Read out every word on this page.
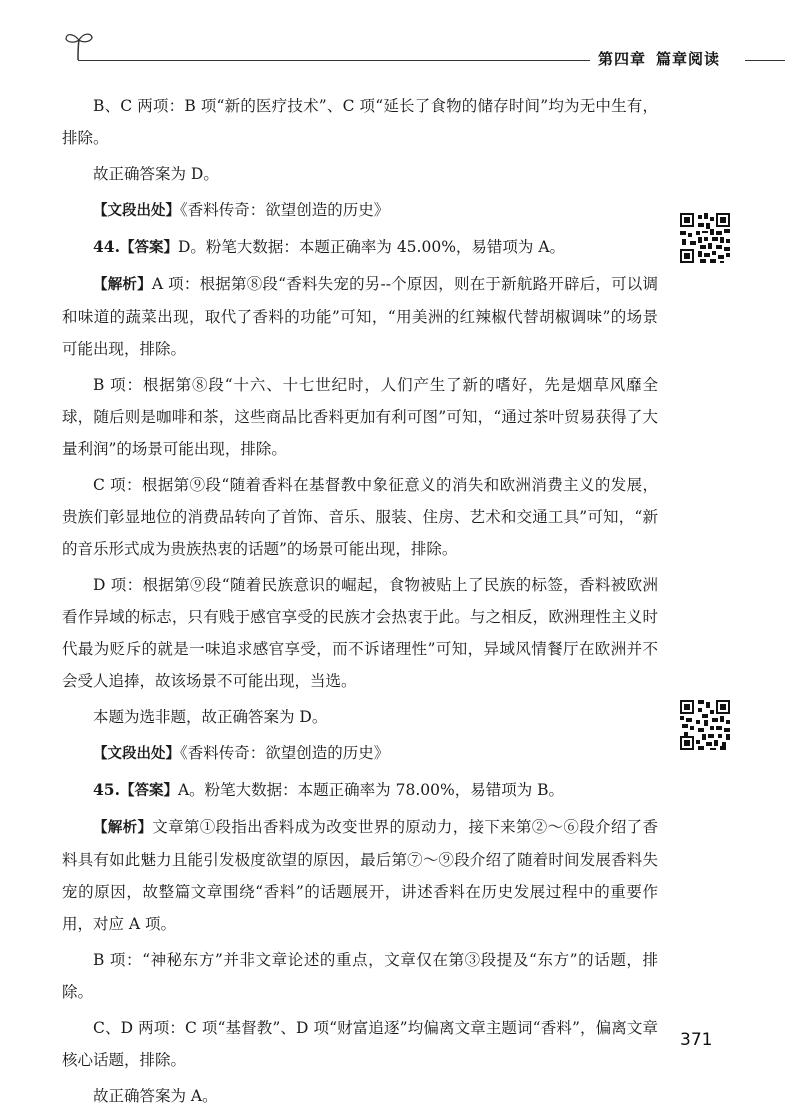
第四章 篇章阅读

B、C 两项：B 项“新的医疗技术”、C 项“延长了食物的储存时间”均为无中生有，排除。

故正确答案为 D。

【文段出处】《香料传奇：欲望创造的历史》

44.【答案】D。粉笔大数据：本题正确率为 45.00%，易错项为 A。

【解析】A 项：根据第⑧段“香料失宠的另--个原因，则在于新航路开辟后，可以调和味道的蔬菜出现，取代了香料的功能”可知，“用美洲的红辣椒代替胡椒调味”的场景可能出现，排除。

B 项：根据第⑧段“十六、十七世纪时，人们产生了新的嗜好，先是烟草风靡全球，随后则是咖啡和茶，这些商品比香料更加有利可图”可知，“通过茶叶贸易获得了大量利润”的场景可能出现，排除。

C 项：根据第⑨段“随着香料在基督教中象征意义的消失和欧洲消费主义的发展，贵族们彰显地位的消费品转向了首饰、音乐、服装、住房、艺术和交通工具”可知，“新的音乐形式成为贵族热衷的话题”的场景可能出现，排除。

D 项：根据第⑨段“随着民族意识的崛起，食物被贴上了民族的标签，香料被欧洲看作异域的标志，只有贱于感官享受的民族才会热衷于此。与之相反，欧洲理性主义时代最为贬斥的就是一味追求感官享受，而不诉诸理性”可知，异域风情餐厅在欧洲并不会受人追捧，故该场景不可能出现，当选。

本题为选非题，故正确答案为 D。

【文段出处】《香料传奇：欲望创造的历史》

45.【答案】A。粉笔大数据：本题正确率为 78.00%，易错项为 B。

【解析】文章第①段指出香料成为改变世界的原动力，接下来第②～⑥段介绍了香料具有如此魅力且能引发极度欲望的原因，最后第⑦～⑨段介绍了随着时间发展香料失宠的原因，故整篇文章围绕“香料”的话题展开，讲述香料在历史发展过程中的重要作用，对应 A 项。

B 项：“神秘东方”并非文章论述的重点，文章仅在第③段提及“东方”的话题，排除。

C、D 两项：C 项“基督教”、D 项“财富追逐”均偏离文章主题词“香料”，偏离文章核心话题，排除。

故正确答案为 A。

371
